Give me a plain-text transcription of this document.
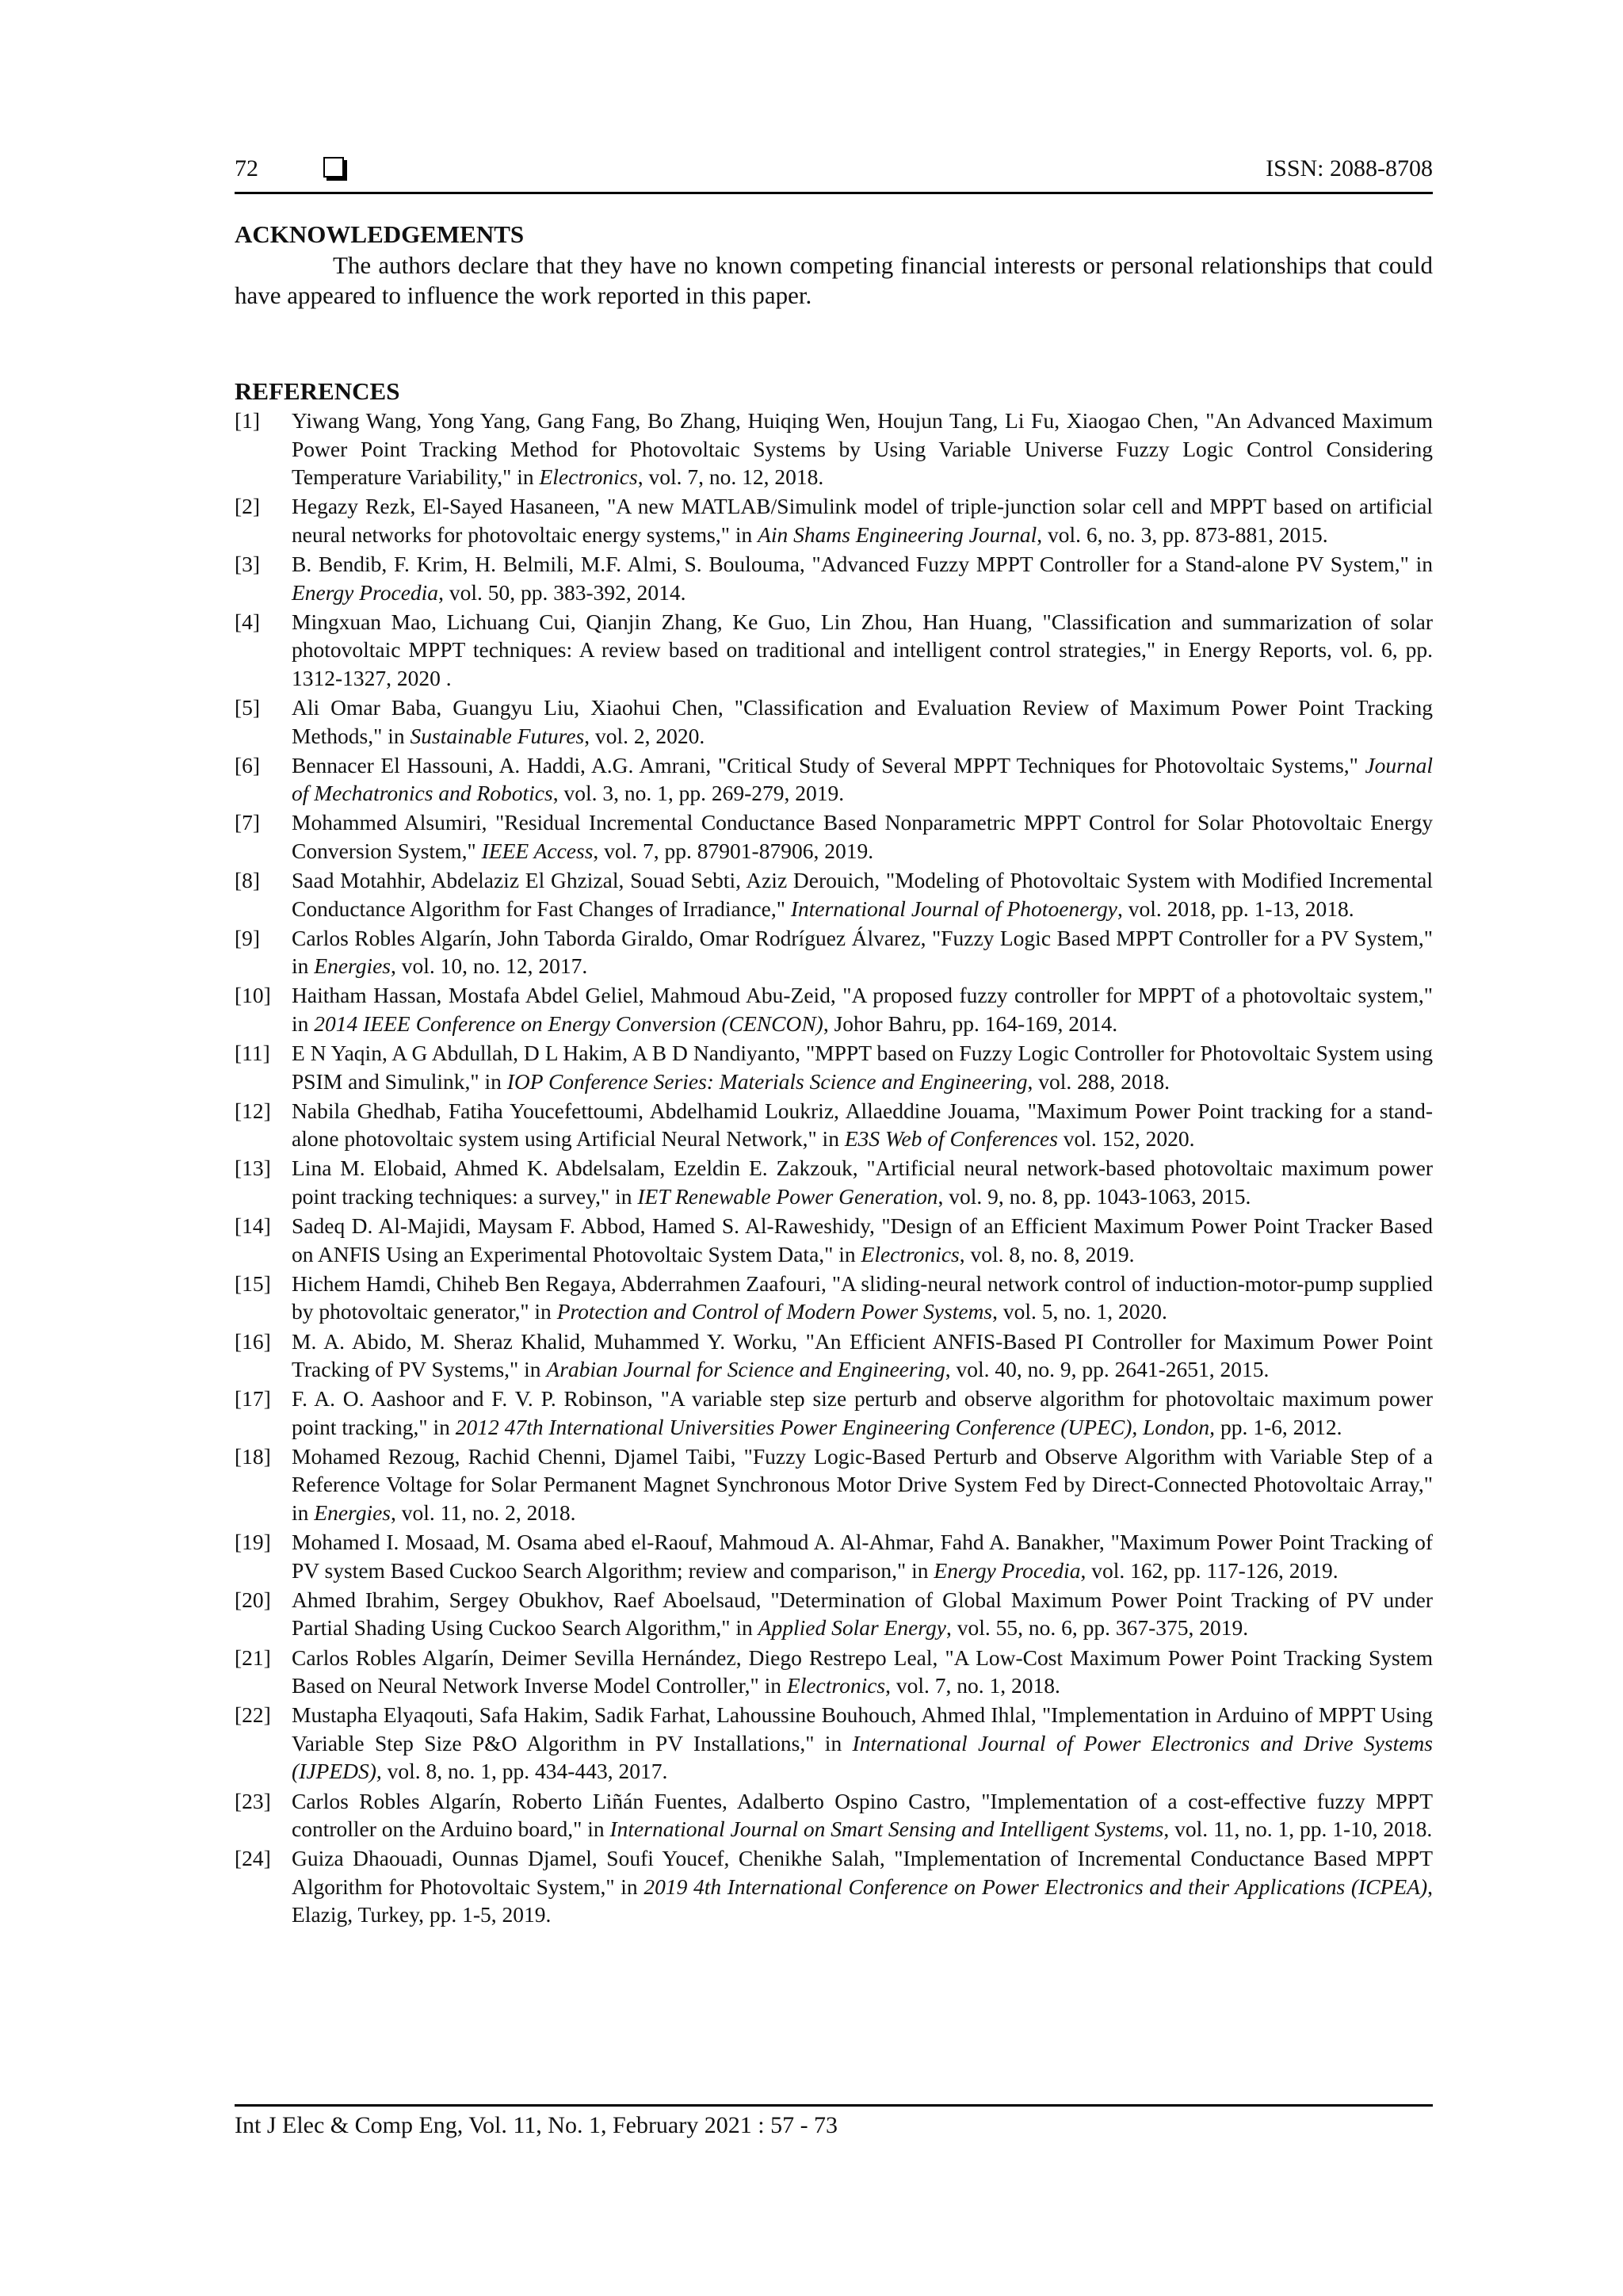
72	ISSN: 2088-8708
ACKNOWLEDGEMENTS
The authors declare that they have no known competing financial interests or personal relationships that could have appeared to influence the work reported in this paper.
REFERENCES
[1]	Yiwang Wang, Yong Yang, Gang Fang, Bo Zhang, Huiqing Wen, Houjun Tang, Li Fu, Xiaogao Chen, "An Advanced Maximum Power Point Tracking Method for Photovoltaic Systems by Using Variable Universe Fuzzy Logic Control Considering Temperature Variability," in Electronics, vol. 7, no. 12, 2018.
[2]	Hegazy Rezk, El-Sayed Hasaneen, "A new MATLAB/Simulink model of triple-junction solar cell and MPPT based on artificial neural networks for photovoltaic energy systems," in Ain Shams Engineering Journal, vol. 6, no. 3, pp. 873-881, 2015.
[3]	B. Bendib, F. Krim, H. Belmili, M.F. Almi, S. Boulouma, "Advanced Fuzzy MPPT Controller for a Stand-alone PV System," in Energy Procedia, vol. 50, pp. 383-392, 2014.
[4]	Mingxuan Mao, Lichuang Cui, Qianjin Zhang, Ke Guo, Lin Zhou, Han Huang, "Classification and summarization of solar photovoltaic MPPT techniques: A review based on traditional and intelligent control strategies," in Energy Reports, vol. 6, pp. 1312-1327, 2020 .
[5]	Ali Omar Baba, Guangyu Liu, Xiaohui Chen, "Classification and Evaluation Review of Maximum Power Point Tracking Methods," in Sustainable Futures, vol. 2, 2020.
[6]	Bennacer El Hassouni, A. Haddi, A.G. Amrani, "Critical Study of Several MPPT Techniques for Photovoltaic Systems," Journal of Mechatronics and Robotics, vol. 3, no. 1, pp. 269-279, 2019.
[7]	Mohammed Alsumiri, "Residual Incremental Conductance Based Nonparametric MPPT Control for Solar Photovoltaic Energy Conversion System," IEEE Access, vol. 7, pp. 87901-87906, 2019.
[8]	Saad Motahhir, Abdelaziz El Ghzizal, Souad Sebti, Aziz Derouich, "Modeling of Photovoltaic System with Modified Incremental Conductance Algorithm for Fast Changes of Irradiance," International Journal of Photoenergy, vol. 2018, pp. 1-13, 2018.
[9]	Carlos Robles Algarín, John Taborda Giraldo, Omar Rodríguez Álvarez, "Fuzzy Logic Based MPPT Controller for a PV System," in Energies, vol. 10, no. 12, 2017.
[10] Haitham Hassan, Mostafa Abdel Geliel, Mahmoud Abu-Zeid, "A proposed fuzzy controller for MPPT of a photovoltaic system," in 2014 IEEE Conference on Energy Conversion (CENCON), Johor Bahru, pp. 164-169, 2014.
[11] E N Yaqin, A G Abdullah, D L Hakim, A B D Nandiyanto, "MPPT based on Fuzzy Logic Controller for Photovoltaic System using PSIM and Simulink," in IOP Conference Series: Materials Science and Engineering, vol. 288, 2018.
[12] Nabila Ghedhab, Fatiha Youcefettoumi, Abdelhamid Loukriz, Allaeddine Jouama, "Maximum Power Point tracking for a stand-alone photovoltaic system using Artificial Neural Network," in E3S Web of Conferences vol. 152, 2020.
[13] Lina M. Elobaid, Ahmed K. Abdelsalam, Ezeldin E. Zakzouk, "Artificial neural network-based photovoltaic maximum power point tracking techniques: a survey," in IET Renewable Power Generation, vol. 9, no. 8, pp. 1043-1063, 2015.
[14] Sadeq D. Al-Majidi, Maysam F. Abbod, Hamed S. Al-Raweshidy, "Design of an Efficient Maximum Power Point Tracker Based on ANFIS Using an Experimental Photovoltaic System Data," in Electronics, vol. 8, no. 8, 2019.
[15] Hichem Hamdi, Chiheb Ben Regaya, Abderrahmen Zaafouri, "A sliding-neural network control of induction-motor-pump supplied by photovoltaic generator," in Protection and Control of Modern Power Systems, vol. 5, no. 1, 2020.
[16] M. A. Abido, M. Sheraz Khalid, Muhammed Y. Worku, "An Efficient ANFIS-Based PI Controller for Maximum Power Point Tracking of PV Systems," in Arabian Journal for Science and Engineering, vol. 40, no. 9, pp. 2641-2651, 2015.
[17] F. A. O. Aashoor and F. V. P. Robinson, "A variable step size perturb and observe algorithm for photovoltaic maximum power point tracking," in 2012 47th International Universities Power Engineering Conference (UPEC), London, pp. 1-6, 2012.
[18] Mohamed Rezoug, Rachid Chenni, Djamel Taibi, "Fuzzy Logic-Based Perturb and Observe Algorithm with Variable Step of a Reference Voltage for Solar Permanent Magnet Synchronous Motor Drive System Fed by Direct-Connected Photovoltaic Array," in Energies, vol. 11, no. 2, 2018.
[19] Mohamed I. Mosaad, M. Osama abed el-Raouf, Mahmoud A. Al-Ahmar, Fahd A. Banakher, "Maximum Power Point Tracking of PV system Based Cuckoo Search Algorithm; review and comparison," in Energy Procedia, vol. 162, pp. 117-126, 2019.
[20] Ahmed Ibrahim, Sergey Obukhov, Raef Aboelsaud, "Determination of Global Maximum Power Point Tracking of PV under Partial Shading Using Cuckoo Search Algorithm," in Applied Solar Energy, vol. 55, no. 6, pp. 367-375, 2019.
[21] Carlos Robles Algarín, Deimer Sevilla Hernández, Diego Restrepo Leal, "A Low-Cost Maximum Power Point Tracking System Based on Neural Network Inverse Model Controller," in Electronics, vol. 7, no. 1, 2018.
[22] Mustapha Elyaqouti, Safa Hakim, Sadik Farhat, Lahoussine Bouhouch, Ahmed Ihlal, "Implementation in Arduino of MPPT Using Variable Step Size P&O Algorithm in PV Installations," in International Journal of Power Electronics and Drive Systems (IJPEDS), vol. 8, no. 1, pp. 434-443, 2017.
[23] Carlos Robles Algarín, Roberto Liñán Fuentes, Adalberto Ospino Castro, "Implementation of a cost-effective fuzzy MPPT controller on the Arduino board," in International Journal on Smart Sensing and Intelligent Systems, vol. 11, no. 1, pp. 1-10, 2018.
[24] Guiza Dhaouadi, Ounnas Djamel, Soufi Youcef, Chenikhe Salah, "Implementation of Incremental Conductance Based MPPT Algorithm for Photovoltaic System," in 2019 4th International Conference on Power Electronics and their Applications (ICPEA), Elazig, Turkey, pp. 1-5, 2019.
Int J Elec & Comp Eng, Vol. 11, No. 1, February 2021 : 57 - 73
